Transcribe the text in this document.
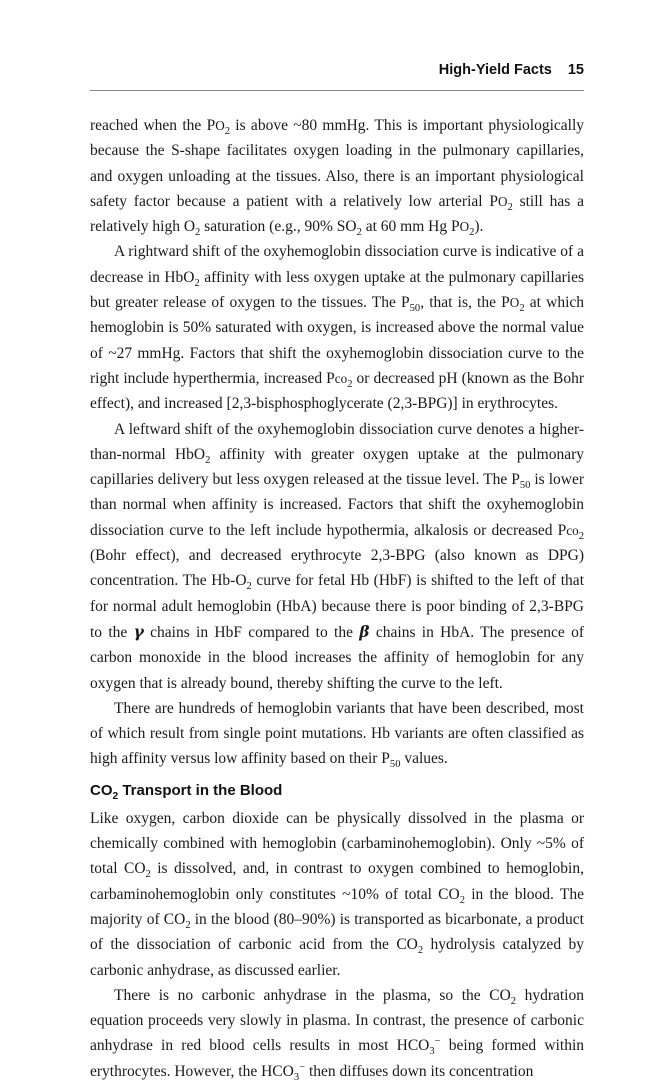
High-Yield Facts 15

reached when the $PO_2$ is above ~80 mmHg. This is important physiologically because the S-shape facilitates oxygen loading in the pulmonary capillaries, and oxygen unloading at the tissues. Also, there is an important physiological safety factor because a patient with a relatively low arterial $PO_2$ still has a relatively high $O_2$ saturation (e.g., 90% $SO_2$ at 60 mm Hg $PO_2$).

A rightward shift of the oxyhemoglobin dissociation curve is indicative of a decrease in HbO$_2$ affinity with less oxygen uptake at the pulmonary capillaries but greater release of oxygen to the tissues. The $P_{50}$, that is, the $PO_2$ at which hemoglobin is 50% saturated with oxygen, is increased above the normal value of ~27 mmHg. Factors that shift the oxyhemoglobin dissociation curve to the right include hyperthermia, increased Pco$_2$ or decreased pH (known as the Bohr effect), and increased [2,3-bisphosphoglycerate (2,3-BPG)] in erythrocytes.

A leftward shift of the oxyhemoglobin dissociation curve denotes a higher-than-normal HbO$_2$ affinity with greater oxygen uptake at the pulmonary capillaries delivery but less oxygen released at the tissue level. The $P_{50}$ is lower than normal when affinity is increased. Factors that shift the oxyhemoglobin dissociation curve to the left include hypothermia, alkalosis or decreased Pco$_2$ (Bohr effect), and decreased erythrocyte 2,3-BPG (also known as DPG) concentration. The $Hb-O_2$ curve for fetal Hb (HbF) is shifted to the left of that for normal adult hemoglobin (HbA) because there is poor binding of 2,3-BPG to the γ chains in HbF compared to the β chains in HbA. The presence of carbon monoxide in the blood increases the affinity of hemoglobin for any oxygen that is already bound, thereby shifting the curve to the left.

There are hundreds of hemoglobin variants that have been described, most of which result from single point mutations. Hb variants are often classified as high affinity versus low affinity based on their $P_{50}$ values.

$CO_2$ Transport in the Blood

Like oxygen, carbon dioxide can be physically dissolved in the plasma or chemically combined with hemoglobin (carbaminohemoglobin). Only ~5% of total $CO_2$ is dissolved, and, in contrast to oxygen combined to hemoglobin, carbaminohemoglobin only constitutes ~10% of total $CO_2$ in the blood. The majority of $CO_2$ in the blood (80–90%) is transported as bicarbonate, a product of the dissociation of carbonic acid from the $CO_2$ hydrolysis catalyzed by carbonic anhydrase, as discussed earlier.

There is no carbonic anhydrase in the plasma, so the $CO_2$ hydration equation proceeds very slowly in plasma. In contrast, the presence of carbonic anhydrase in red blood cells results in most $HCO_3^-$ being formed within erythrocytes. However, the $HCO_3^-$ then diffuses down its concentration
